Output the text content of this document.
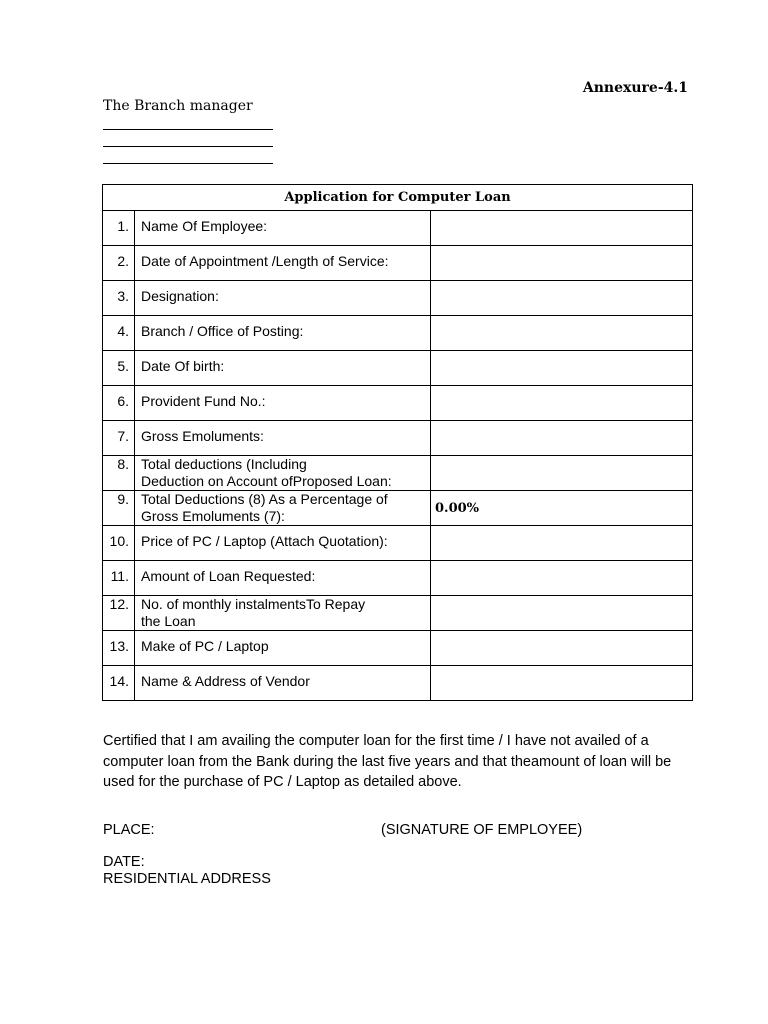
Annexure-4.1
The Branch manager
Application for Computer Loan		
1.	Name Of Employee:	
2.	Date of Appointment /Length of Service:	
3.	Designation:	
4.	Branch / Office of Posting:	
5.	Date Of birth:	
6.	Provident Fund No.:	
7.	Gross Emoluments:	
8.	Total deductions (Including
Deduction on Account ofProposed Loan:	
9.	Total Deductions (8) As a Percentage of
Gross Emoluments (7):	0.00%
10.	Price of PC / Laptop (Attach Quotation):	
11.	Amount of Loan Requested:	
12.	No. of monthly instalmentsTo Repay
the Loan	
13.	Make of PC / Laptop	
14.	Name & Address of Vendor	
Certified that I am availing the computer loan for the first time / I have not availed of a computer loan from the Bank during the last five years and that theamount of loan will be used for the purchase of PC / Laptop as detailed above.
PLACE:	(SIGNATURE OF EMPLOYEE)
DATE:
RESIDENTIAL ADDRESS
